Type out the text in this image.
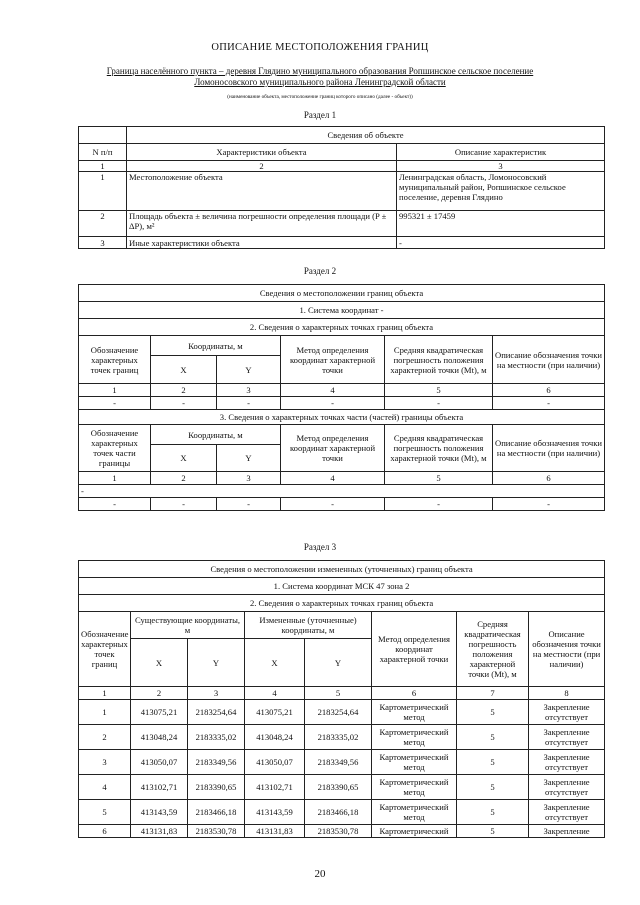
ОПИСАНИЕ МЕСТОПОЛОЖЕНИЯ ГРАНИЦ
Граница населённого пункта – деревня Глядино муниципального образования Ропшинское сельское поселение
Ломоносовского муниципального района Ленинградской области
(наименование объекта, местоположение границ которого описано (далее - объект))
Раздел 1
	Сведения об объекте	
N п/п	Характеристики объекта	Описание характеристик
1	2	3
1	Местоположение объекта	Ленинградская область, Ломоносовский муниципальный район, Ропшинское сельское поселение, деревня Глядино
2	Площадь объекта ± величина погрешности определения площади (P ± ΔP), м²	995321 ± 17459
3	Иные характеристики объекта	-
Раздел 2
Сведения о местоположении границ объекта					
1. Система координат -					
2. Сведения о характерных точках границ объекта					
Обозначение характерных точек границ	Координаты, м		Метод определения координат характерной точки	Средняя квадратическая погрешность положения характерной точки (Mt), м	Описание обозначения точки на местности (при наличии)
	X	Y			
1	2	3	4	5	6
-	-	-	-	-	-
3. Сведения о характерных точках части (частей) границы объекта					
Обозначение характерных точек части границы	Координаты, м		Метод определения координат характерной точки	Средняя квадратическая погрешность положения характерной точки (Mt), м	Описание обозначения точки на местности (при наличии)
	X	Y			
1	2	3	4	5	6
-					
-	-	-	-	-	-
Раздел 3
Сведения о местоположении измененных (уточненных) границ объекта							
1. Система координат МСК 47 зона 2							
2. Сведения о характерных точках границ объекта							
Обозначение характерных точек границ	Существующие координаты, м		Измененные (уточненные) координаты, м		Метод определения координат характерной точки	Средняя квадратическая погрешность положения характерной точки (Mt), м	Описание обозначения точки на местности (при наличии)
	X	Y	X	Y			
1	2	3	4	5	6	7	8
1	413075,21	2183254,64	413075,21	2183254,64	Картометрический метод	5	Закрепление отсутствует
2	413048,24	2183335,02	413048,24	2183335,02	Картометрический метод	5	Закрепление отсутствует
3	413050,07	2183349,56	413050,07	2183349,56	Картометрический метод	5	Закрепление отсутствует
4	413102,71	2183390,65	413102,71	2183390,65	Картометрический метод	5	Закрепление отсутствует
5	413143,59	2183466,18	413143,59	2183466,18	Картометрический метод	5	Закрепление отсутствует
6	413131,83	2183530,78	413131,83	2183530,78	Картометрический	5	Закрепление
20
